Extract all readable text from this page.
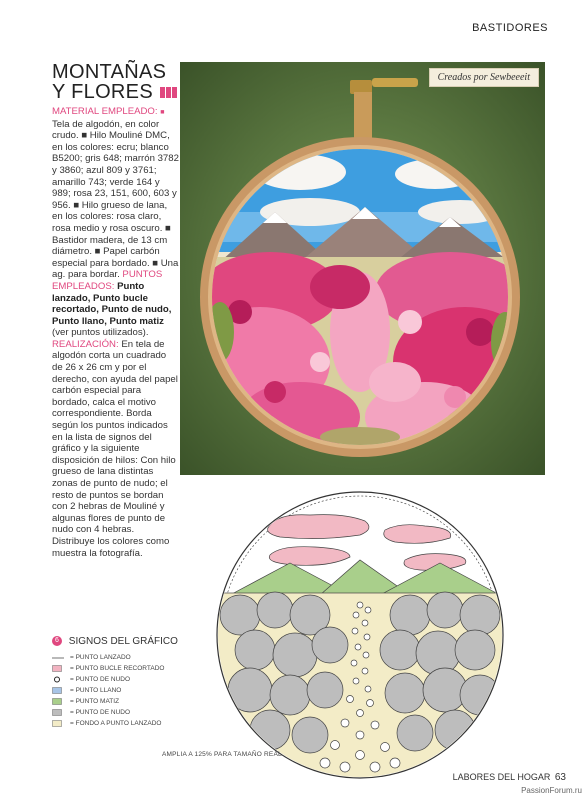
BASTIDORES
MONTAÑAS
Y FLORES
MATERIAL EMPLEADO: ■ Tela de algodón, en color crudo. ■ Hilo Mouliné DMC, en los colores: ecru; blanco B5200; gris 648; marrón 3782 y 3860; azul 809 y 3761; amarillo 743; verde 164 y 989; rosa 23, 151, 600, 603 y 956. ■ Hilo grueso de lana, en los colores: rosa claro, rosa medio y rosa oscuro. ■ Bastidor madera, de 13 cm diámetro. ■ Papel carbón especial para bordado. ■ Una ag. para bordar. PUNTOS EMPLEADOS: Punto lanzado, Punto bucle recortado, Punto de nudo, Punto llano, Punto matiz (ver puntos utilizados).
REALIZACIÓN: En tela de algodón corta un cuadrado de 26 x 26 cm y por el derecho, con ayuda del papel carbón especial para bordado, calca el motivo correspondiente. Borda según los puntos indicados en la lista de signos del gráfico y la siguiente disposición de hilos: Con hilo grueso de lana distintas zonas de punto de nudo; el resto de puntos se bordan con 2 hebras de Mouliné y algunas flores de punto de nudo con 4 hebras. Distribuye los colores como muestra la fotografía.
Creados por Sewbeeeit
6 SIGNOS DEL GRÁFICO
= PUNTO LANZADO
= PUNTO BUCLE RECORTADO
= PUNTO DE NUDO
= PUNTO LLANO
= PUNTO MATIZ
= PUNTO DE NUDO
= FONDO A PUNTO LANZADO
AMPLIA A 125% PARA TAMAÑO REAL
LABORES DEL HOGAR 63
PassionForum.ru
